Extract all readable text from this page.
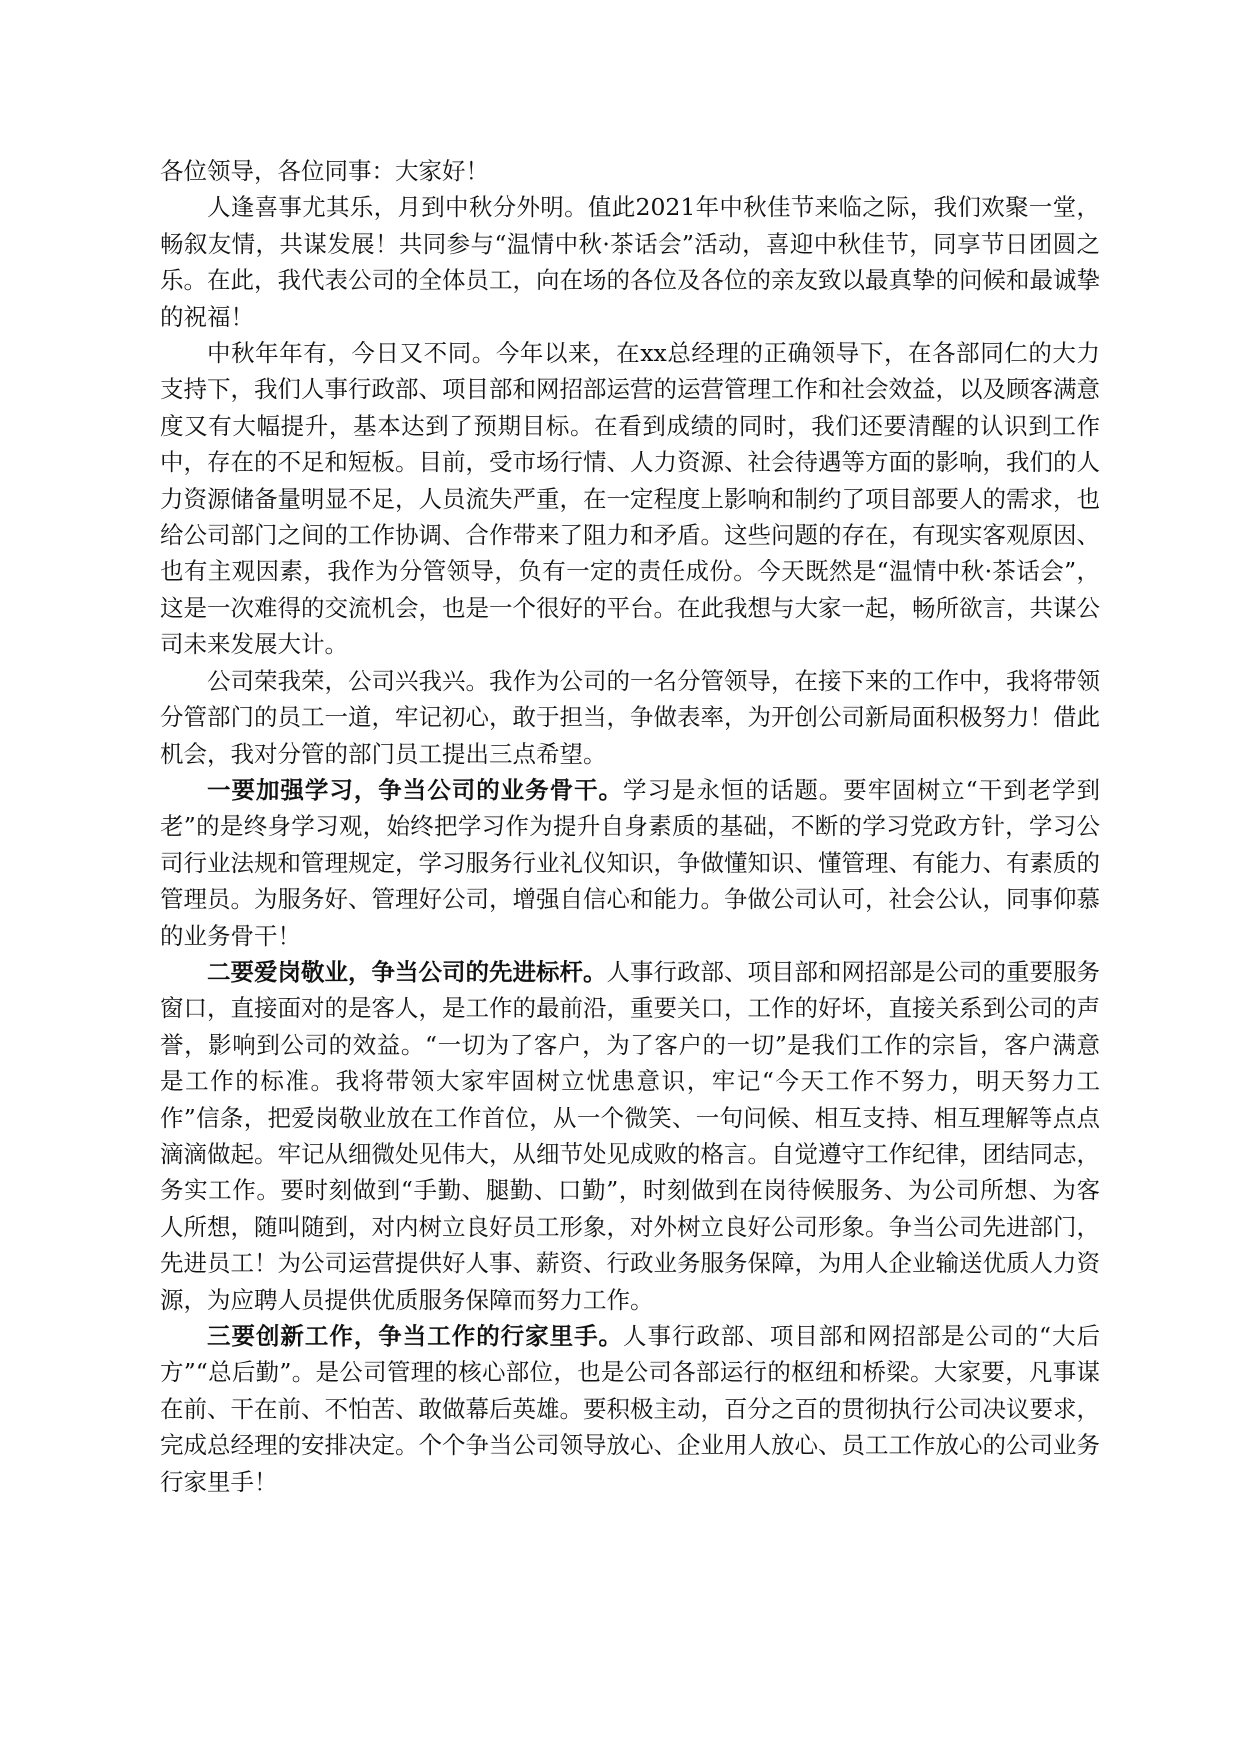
各位领导，各位同事：大家好！

人逢喜事尤其乐，月到中秋分外明。值此2021年中秋佳节来临之际，我们欢聚一堂，畅叙友情，共谋发展！共同参与“温情中秋·茶话会”活动，喜迎中秋佳节，同享节日团圆之乐。在此，我代表公司的全体员工，向在场的各位及各位的亲友致以最真挚的问候和最诚挚的祝福！

中秋年年有，今日又不同。今年以来，在xx总经理的正确领导下，在各部同仁的大力支持下，我们人事行政部、项目部和网招部运营的运营管理工作和社会效益，以及顾客满意度又有大幅提升，基本达到了预期目标。在看到成绩的同时，我们还要清醒的认识到工作中，存在的不足和短板。目前，受市场行情、人力资源、社会待遇等方面的影响，我们的人力资源储备量明显不足，人员流失严重，在一定程度上影响和制约了项目部要人的需求，也给公司部门之间的工作协调、合作带来了阻力和矛盾。这些问题的存在，有现实客观原因、也有主观因素，我作为分管领导，负有一定的责任成份。今天既然是“温情中秋·茶话会”，这是一次难得的交流机会，也是一个很好的平台。在此我想与大家一起，畅所欲言，共谋公司未来发展大计。

公司荣我荣，公司兴我兴。我作为公司的一名分管领导，在接下来的工作中，我将带领分管部门的员工一道，牢记初心，敢于担当，争做表率，为开创公司新局面积极努力！借此机会，我对分管的部门员工提出三点希望。

一要加强学习，争当公司的业务骨干。学习是永恒的话题。要牢固树立“干到老学到老”的是终身学习观，始终把学习作为提升自身素质的基础，不断的学习党政方针，学习公司行业法规和管理规定，学习服务行业礼仪知识，争做懂知识、懂管理、有能力、有素质的管理员。为服务好、管理好公司，增强自信心和能力。争做公司认可，社会公认，同事仰慕的业务骨干！

二要爱岗敬业，争当公司的先进标杆。人事行政部、项目部和网招部是公司的重要服务窗口，直接面对的是客人，是工作的最前沿，重要关口，工作的好坏，直接关系到公司的声誉，影响到公司的效益。“一切为了客户，为了客户的一切”是我们工作的宗旨，客户满意是工作的标准。我将带领大家牢固树立忧患意识，牢记“今天工作不努力，明天努力工作”信条，把爱岗敬业放在工作首位，从一个微笑、一句问候、相互支持、相互理解等点点滴滴做起。牢记从细微处见伟大，从细节处见成败的格言。自觉遵守工作纪律，团结同志，务实工作。要时刻做到“手勤、腿勤、口勤”，时刻做到在岗待候服务、为公司所想、为客人所想，随叫随到，对内树立良好员工形象，对外树立良好公司形象。争当公司先进部门，先进员工！为公司运营提供好人事、薪资、行政业务服务保障，为用人企业输送优质人力资源，为应聘人员提供优质服务保障而努力工作。

三要创新工作，争当工作的行家里手。人事行政部、项目部和网招部是公司的“大后方”“总后勤”。是公司管理的核心部位，也是公司各部运行的枢纽和桥梁。大家要，凡事谋在前、干在前、不怕苦、敢做幕后英雄。要积极主动，百分之百的贯彻执行公司决议要求，完成总经理的安排决定。个个争当公司领导放心、企业用人放心、员工工作放心的公司业务行家里手！
